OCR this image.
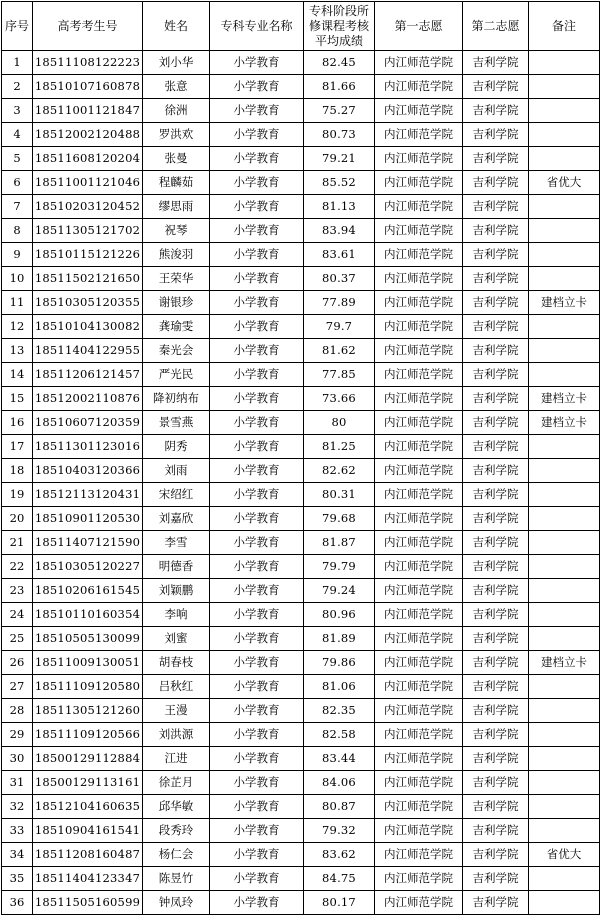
序号	高考考生号	姓名	专科专业名称	专科阶段所修课程考核平均成绩	第一志愿	第二志愿	备注
1	18511108122223	刘小华	小学教育	82.45	内江师范学院	吉利学院	
2	18510107160878	张意	小学教育	81.66	内江师范学院	吉利学院	
3	18511001121847	徐洲	小学教育	75.27	内江师范学院	吉利学院	
4	18512002120488	罗洪欢	小学教育	80.73	内江师范学院	吉利学院	
5	18511608120204	张曼	小学教育	79.21	内江师范学院	吉利学院	
6	18511001121046	程麟茹	小学教育	85.52	内江师范学院	吉利学院	省优大
7	18510203120452	缪思雨	小学教育	81.13	内江师范学院	吉利学院	
8	18511305121702	祝琴	小学教育	83.94	内江师范学院	吉利学院	
9	18510115121226	熊浚羽	小学教育	83.61	内江师范学院	吉利学院	
10	18511502121650	王荣华	小学教育	80.37	内江师范学院	吉利学院	
11	18510305120355	谢银珍	小学教育	77.89	内江师范学院	吉利学院	建档立卡
12	18510104130082	龚瑜雯	小学教育	79.7	内江师范学院	吉利学院	
13	18511404122955	秦光会	小学教育	81.62	内江师范学院	吉利学院	
14	18511206121457	严光民	小学教育	77.85	内江师范学院	吉利学院	
15	18512002110876	降初纳布	小学教育	73.66	内江师范学院	吉利学院	建档立卡
16	18510607120359	景雪燕	小学教育	80	内江师范学院	吉利学院	建档立卡
17	18511301123016	阴秀	小学教育	81.25	内江师范学院	吉利学院	
18	18510403120366	刘雨	小学教育	82.62	内江师范学院	吉利学院	
19	18512113120431	宋绍红	小学教育	80.31	内江师范学院	吉利学院	
20	18510901120530	刘嘉欣	小学教育	79.68	内江师范学院	吉利学院	
21	18511407121590	李雪	小学教育	81.87	内江师范学院	吉利学院	
22	18510305120227	明德香	小学教育	79.79	内江师范学院	吉利学院	
23	18510206161545	刘颖鹏	小学教育	79.24	内江师范学院	吉利学院	
24	18510110160354	李响	小学教育	80.96	内江师范学院	吉利学院	
25	18510505130099	刘蜜	小学教育	81.89	内江师范学院	吉利学院	
26	18511009130051	胡春枝	小学教育	79.86	内江师范学院	吉利学院	建档立卡
27	18511109120580	吕秋红	小学教育	81.06	内江师范学院	吉利学院	
28	18511305121260	王漫	小学教育	82.35	内江师范学院	吉利学院	
29	18511109120566	刘洪源	小学教育	82.58	内江师范学院	吉利学院	
30	18500129112884	江进	小学教育	83.44	内江师范学院	吉利学院	
31	18500129113161	徐芷月	小学教育	84.06	内江师范学院	吉利学院	
32	18512104160635	邱华敏	小学教育	80.87	内江师范学院	吉利学院	
33	18510904161541	段秀玲	小学教育	79.32	内江师范学院	吉利学院	
34	18511208160487	杨仁会	小学教育	83.62	内江师范学院	吉利学院	省优大
35	18511404123347	陈昱竹	小学教育	84.75	内江师范学院	吉利学院	
36	18511505160599	钟凤玲	小学教育	80.17	内江师范学院	吉利学院	
